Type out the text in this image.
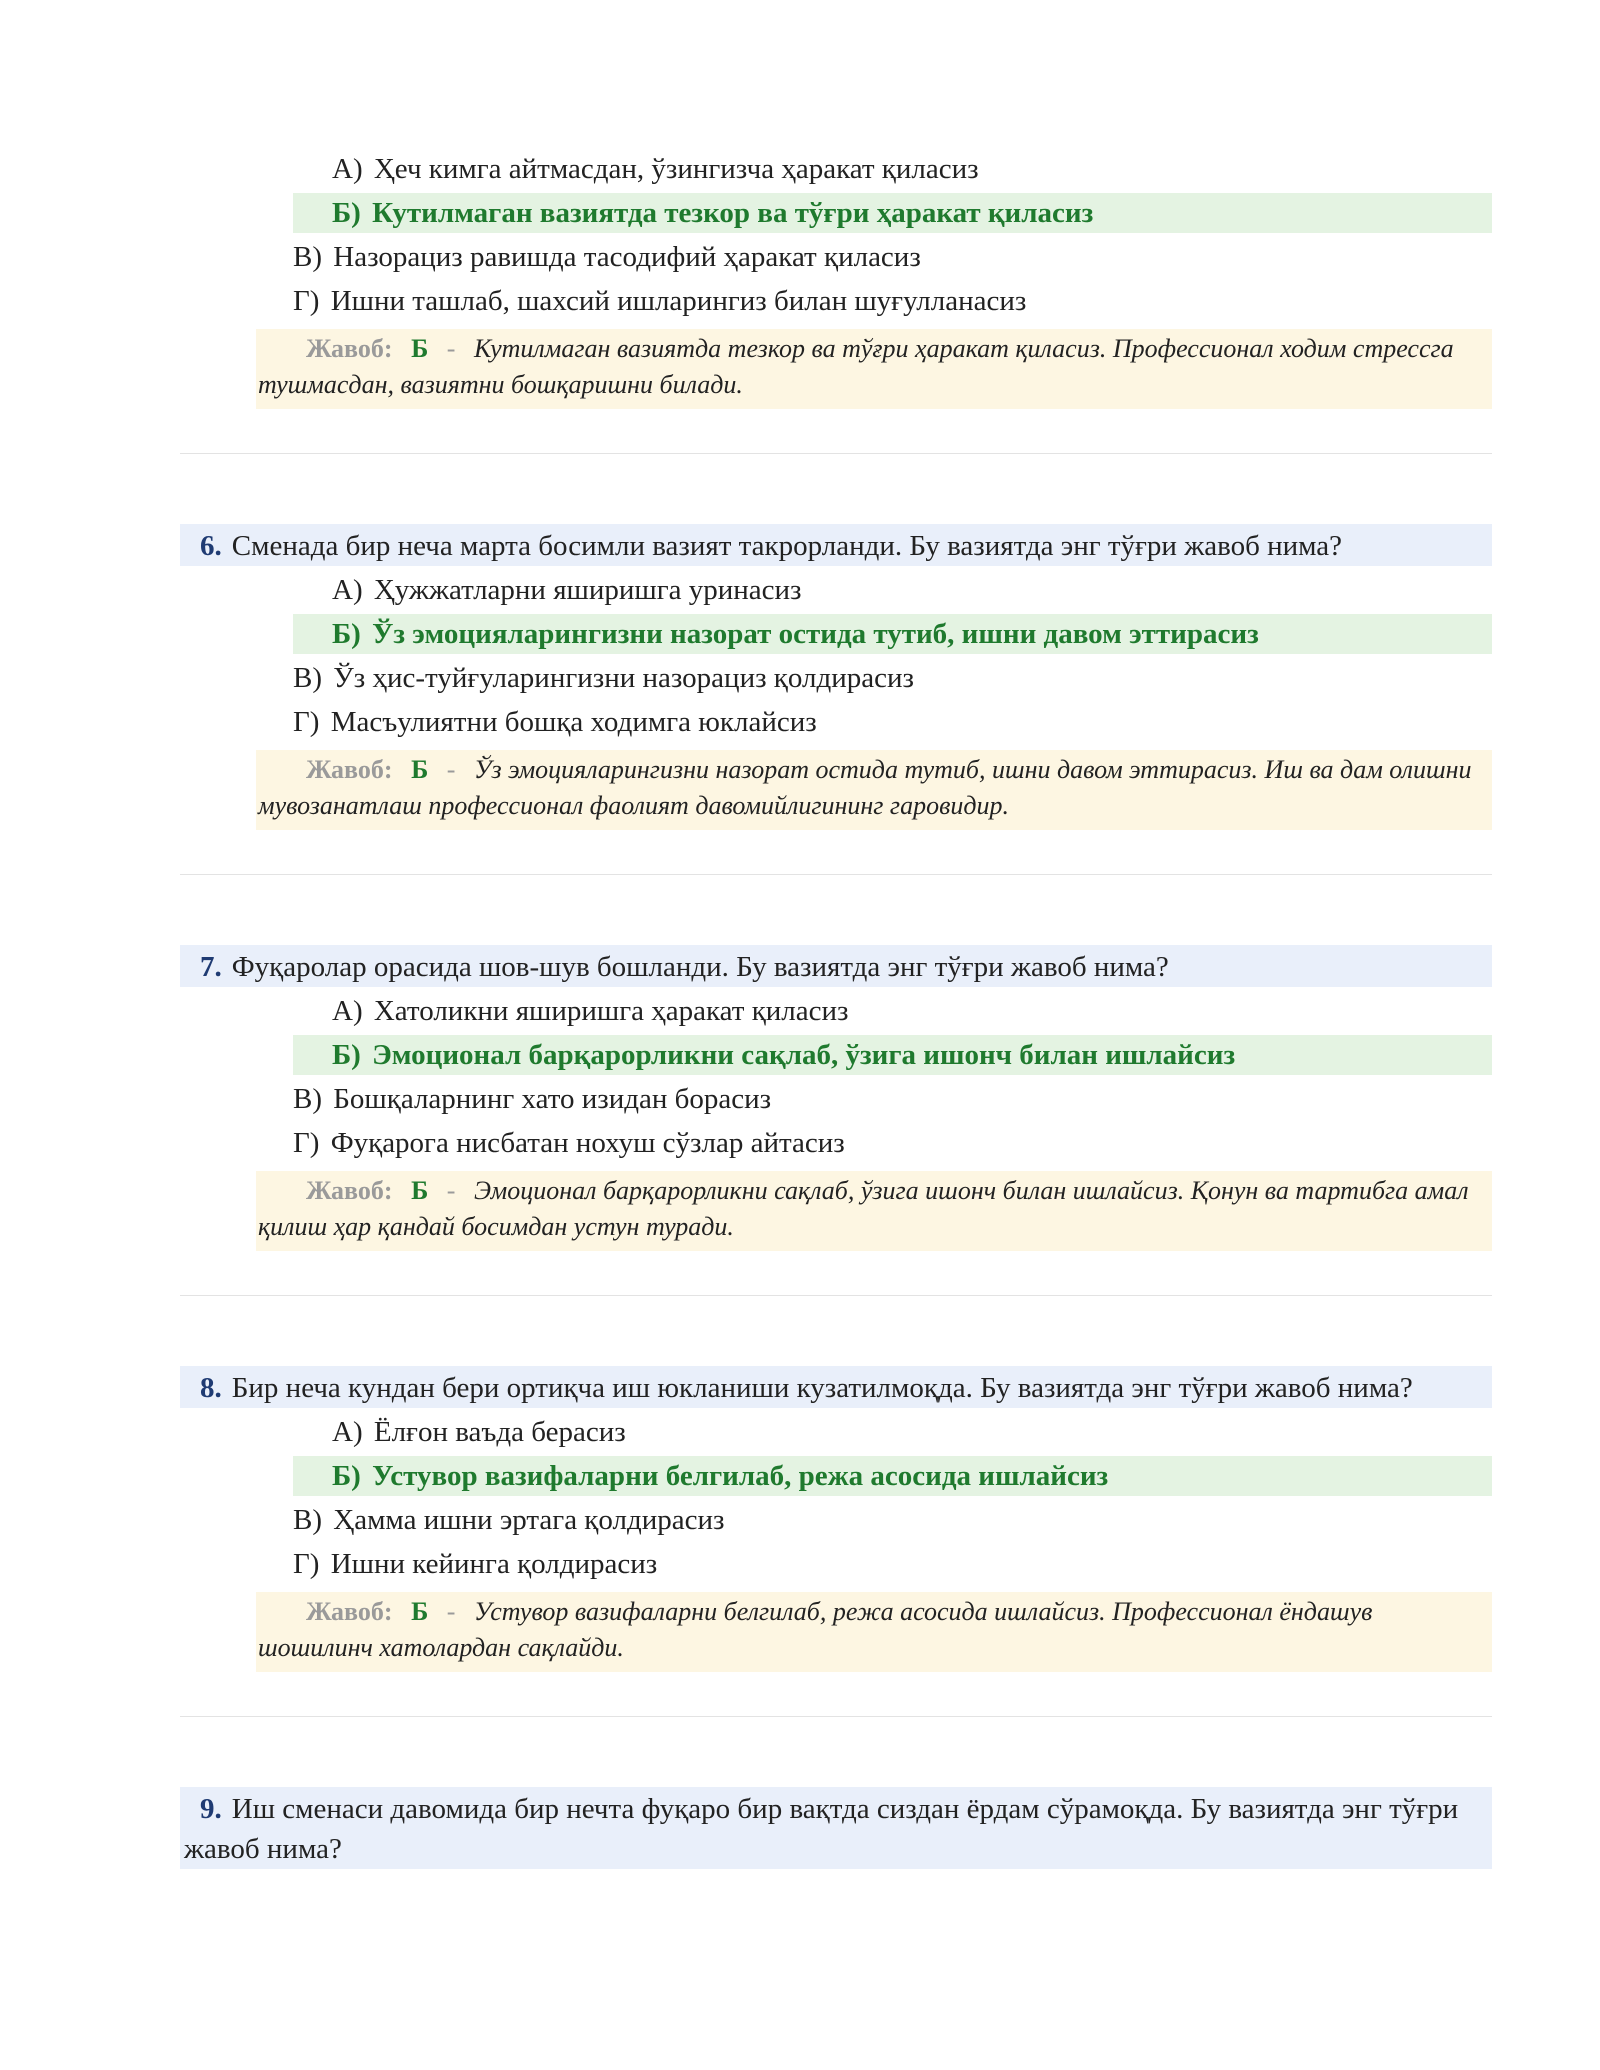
А) Ҳеч кимга айтмасдан, ўзингизча ҳаракат қиласиз
Б) Кутилмаган вазиятда тезкор ва тўғри ҳаракат қиласиз
В) Назорациз равишда тасодифий ҳаракат қиласиз
Г) Ишни ташлаб, шахсий ишларингиз билан шуғулланасиз
Жавоб: Б - Кутилмаган вазиятда тезкор ва тўғри ҳаракат қиласиз. Профессионал ходим стрессга тушмасдан, вазиятни бошқаришни билади.
6. Сменада бир неча марта босимли вазият такрорланди. Бу вазиятда энг тўғри жавоб нима?
А) Ҳужжатларни яширишга уринасиз
Б) Ўз эмоцияларингизни назорат остида тутиб, ишни давом эттирасиз
В) Ўз ҳис-туйғуларингизни назорациз қолдирасиз
Г) Масъулиятни бошқа ходимга юклайсиз
Жавоб: Б - Ўз эмоцияларингизни назорат остида тутиб, ишни давом эттирасиз. Иш ва дам олишни мувозанатлаш профессионал фаолият давомийлигининг гаровидир.
7. Фуқаролар орасида шов-шув бошланди. Бу вазиятда энг тўғри жавоб нима?
А) Хатоликни яширишга ҳаракат қиласиз
Б) Эмоционал барқарорликни сақлаб, ўзига ишонч билан ишлайсиз
В) Бошқаларнинг хато изидан борасиз
Г) Фуқарога нисбатан нохуш сўзлар айтасиз
Жавоб: Б - Эмоционал барқарорликни сақлаб, ўзига ишонч билан ишлайсиз. Қонун ва тартибга амал қилиш ҳар қандай босимдан устун туради.
8. Бир неча кундан бери ортиқча иш юкланиши кузатилмоқда. Бу вазиятда энг тўғри жавоб нима?
А) Ёлғон ваъда берасиз
Б) Устувор вазифаларни белгилаб, режа асосида ишлайсиз
В) Ҳамма ишни эртага қолдирасиз
Г) Ишни кейинга қолдирасиз
Жавоб: Б - Устувор вазифаларни белгилаб, режа асосида ишлайсиз. Профессионал ёндашув шошилинч хатолардан сақлайди.
9. Иш сменаси давомида бир нечта фуқаро бир вақтда сиздан ёрдам сўрамоқда. Бу вазиятда энг тўғри жавоб нима?
